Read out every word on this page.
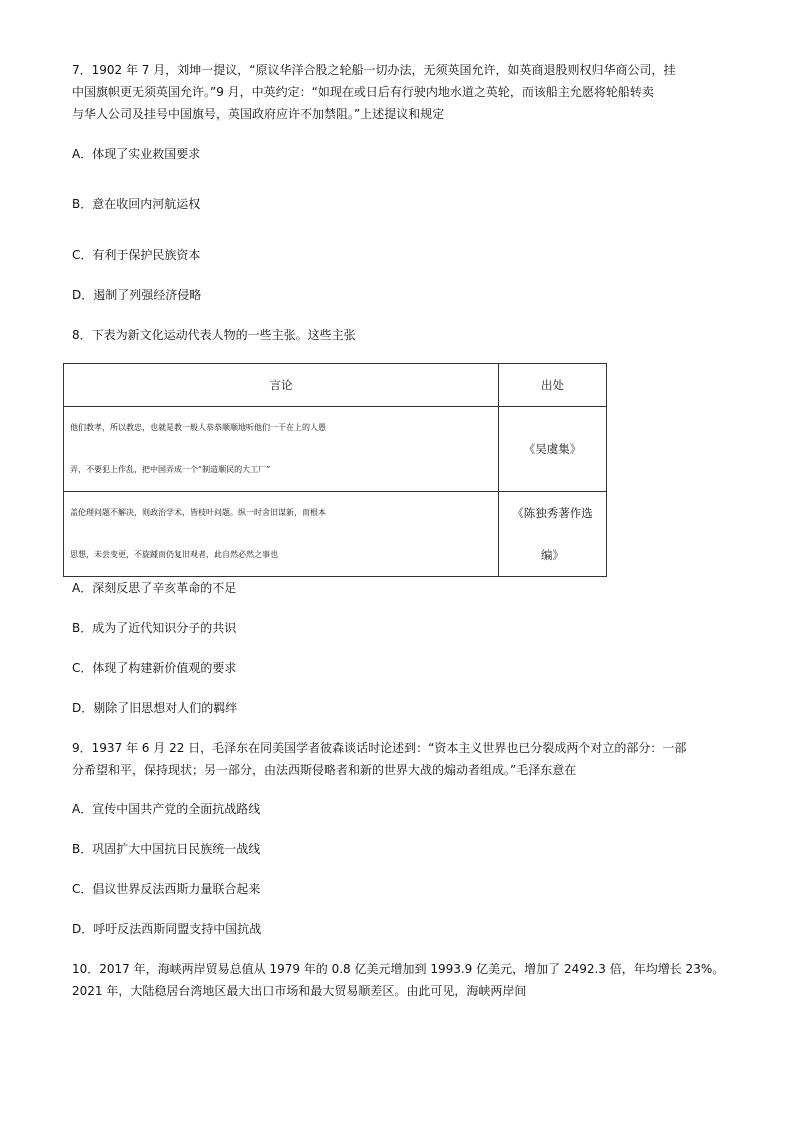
7．1902 年 7 月，刘坤一提议，“原议华洋合股之轮船一切办法，无须英国允许，如英商退股则权归华商公司，挂
中国旗帜更无须英国允许。”9 月，中英约定：“如现在或日后有行驶内地水道之英轮，而该船主允愿将轮船转卖
与华人公司及挂号中国旗号，英国政府应许不加禁阻。”上述提议和规定
A．体现了实业救国要求
B．意在收回内河航运权
C．有利于保护民族资本
D．遏制了列强经济侵略
8．下表为新文化运动代表人物的一些主张。这些主张
言论	出处

他们教孝，所以教忠，也就是教一般人恭恭顺顺地听他们一干在上的人愚
弄，不要犯上作乱，把中国弄成一个“制造顺民的大工厂”	《吴虞集》

盖伦理问题不解决，则政治学术，皆枝叶问题。纵一时舍旧谋新，而根本
思想，未尝变更，不旋踵而仍复旧观者，此自然必然之事也	《陈独秀著作选
编》
A．深刻反思了辛亥革命的不足
B．成为了近代知识分子的共识
C．体现了构建新价值观的要求
D．剔除了旧思想对人们的羁绊
9．1937 年 6 月 22 日，毛泽东在同美国学者彼森谈话时论述到：“资本主义世界也已分裂成两个对立的部分：一部
分希望和平，保持现状；另一部分，由法西斯侵略者和新的世界大战的煽动者组成。”毛泽东意在
A．宣传中国共产党的全面抗战路线
B．巩固扩大中国抗日民族统一战线
C．倡议世界反法西斯力量联合起来
D．呼吁反法西斯同盟支持中国抗战
10．2017 年，海峡两岸贸易总值从 1979 年的 0.8 亿美元增加到 1993.9 亿美元，增加了 2492.3 倍，年均增长 23%。
2021 年，大陆稳居台湾地区最大出口市场和最大贸易顺差区。由此可见，海峡两岸间
